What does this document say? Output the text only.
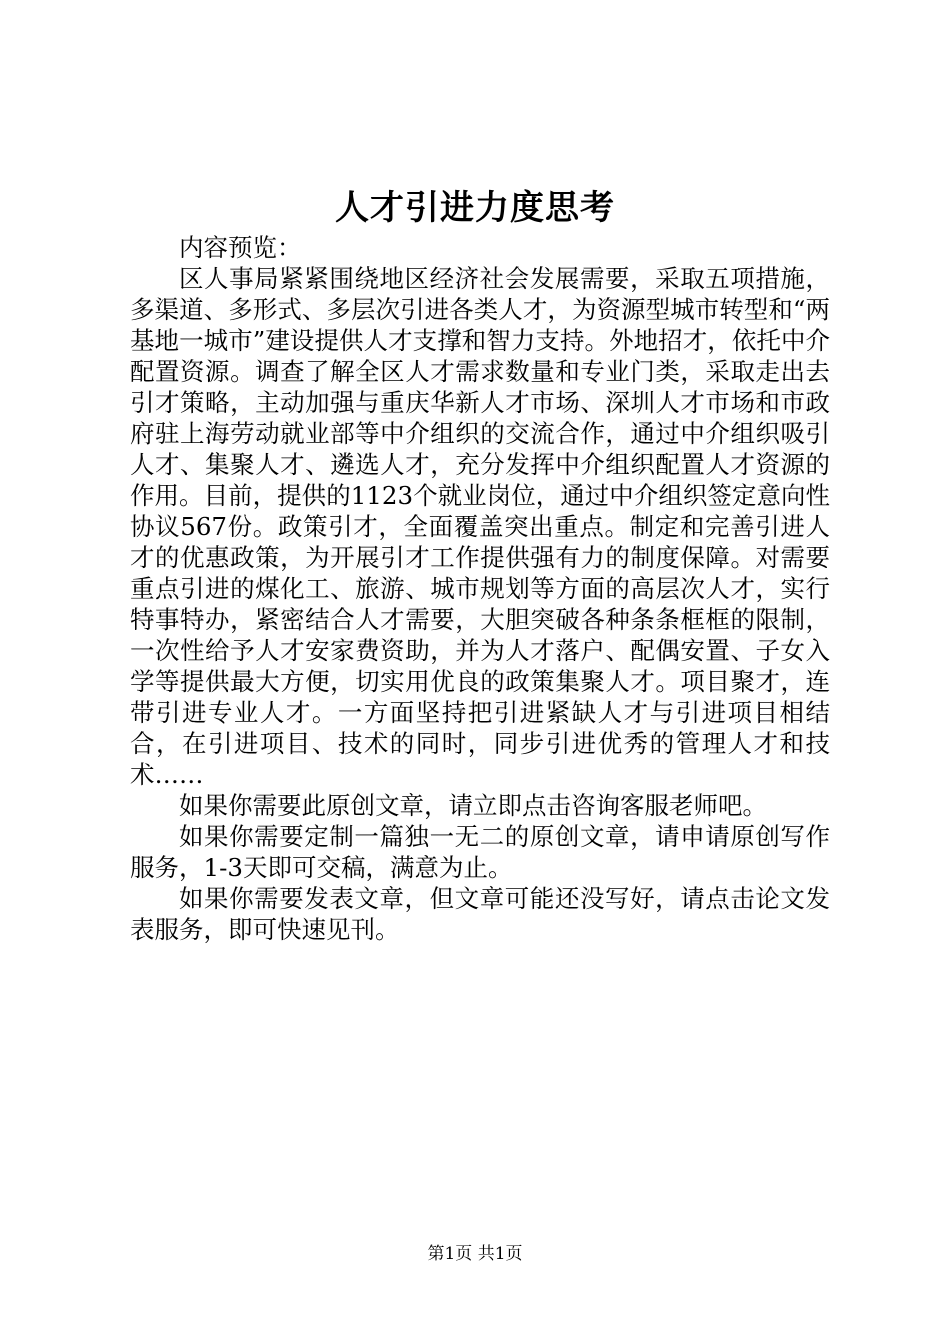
人才引进力度思考

内容预览：

区人事局紧紧围绕地区经济社会发展需要，采取五项措施，多渠道、多形式、多层次引进各类人才，为资源型城市转型和“两基地一城市”建设提供人才支撑和智力支持。外地招才，依托中介配置资源。调查了解全区人才需求数量和专业门类，采取走出去引才策略，主动加强与重庆华新人才市场、深圳人才市场和市政府驻上海劳动就业部等中介组织的交流合作，通过中介组织吸引人才、集聚人才、遴选人才，充分发挥中介组织配置人才资源的作用。目前，提供的1123个就业岗位，通过中介组织签定意向性协议567份。政策引才，全面覆盖突出重点。制定和完善引进人才的优惠政策，为开展引才工作提供强有力的制度保障。对需要重点引进的煤化工、旅游、城市规划等方面的高层次人才，实行特事特办，紧密结合人才需要，大胆突破各种条条框框的限制，一次性给予人才安家费资助，并为人才落户、配偶安置、子女入学等提供最大方便，切实用优良的政策集聚人才。项目聚才，连带引进专业人才。一方面坚持把引进紧缺人才与引进项目相结合，在引进项目、技术的同时，同步引进优秀的管理人才和技术……

如果你需要此原创文章，请立即点击咨询客服老师吧。

如果你需要定制一篇独一无二的原创文章，请申请原创写作服务，1-3天即可交稿，满意为止。

如果你需要发表文章，但文章可能还没写好，请点击论文发表服务，即可快速见刊。

第1页 共1页
